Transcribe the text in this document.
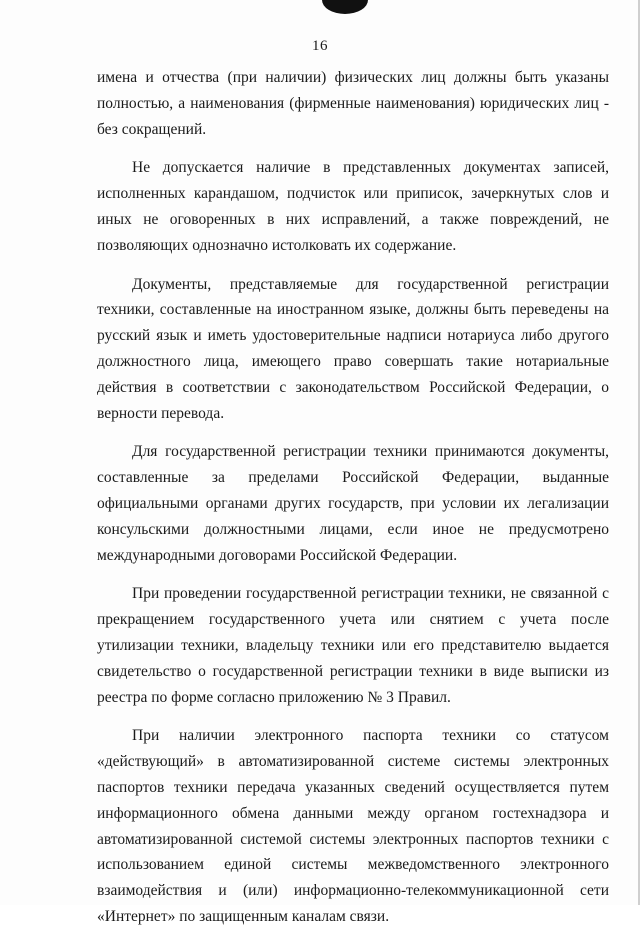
16

имена и отчества (при наличии) физических лиц должны быть указаны полностью, а наименования (фирменные наименования) юридических лиц - без сокращений.

Не допускается наличие в представленных документах записей, исполненных карандашом, подчисток или приписок, зачеркнутых слов и иных не оговоренных в них исправлений, а также повреждений, не позволяющих однозначно истолковать их содержание.

Документы, представляемые для государственной регистрации техники, составленные на иностранном языке, должны быть переведены на русский язык и иметь удостоверительные надписи нотариуса либо другого должностного лица, имеющего право совершать такие нотариальные действия в соответствии с законодательством Российской Федерации, о верности перевода.

Для государственной регистрации техники принимаются документы, составленные за пределами Российской Федерации, выданные официальными органами других государств, при условии их легализации консульскими должностными лицами, если иное не предусмотрено международными договорами Российской Федерации.

При проведении государственной регистрации техники, не связанной с прекращением государственного учета или снятием с учета после утилизации техники, владельцу техники или его представителю выдается свидетельство о государственной регистрации техники в виде выписки из реестра по форме согласно приложению № 3 Правил.

При наличии электронного паспорта техники со статусом «действующий» в автоматизированной системе системы электронных паспортов техники передача указанных сведений осуществляется путем информационного обмена данными между органом гостехнадзора и автоматизированной системой системы электронных паспортов техники с использованием единой системы межведомственного электронного взаимодействия и (или) информационно-телекоммуникационной сети «Интернет» по защищенным каналам связи.
